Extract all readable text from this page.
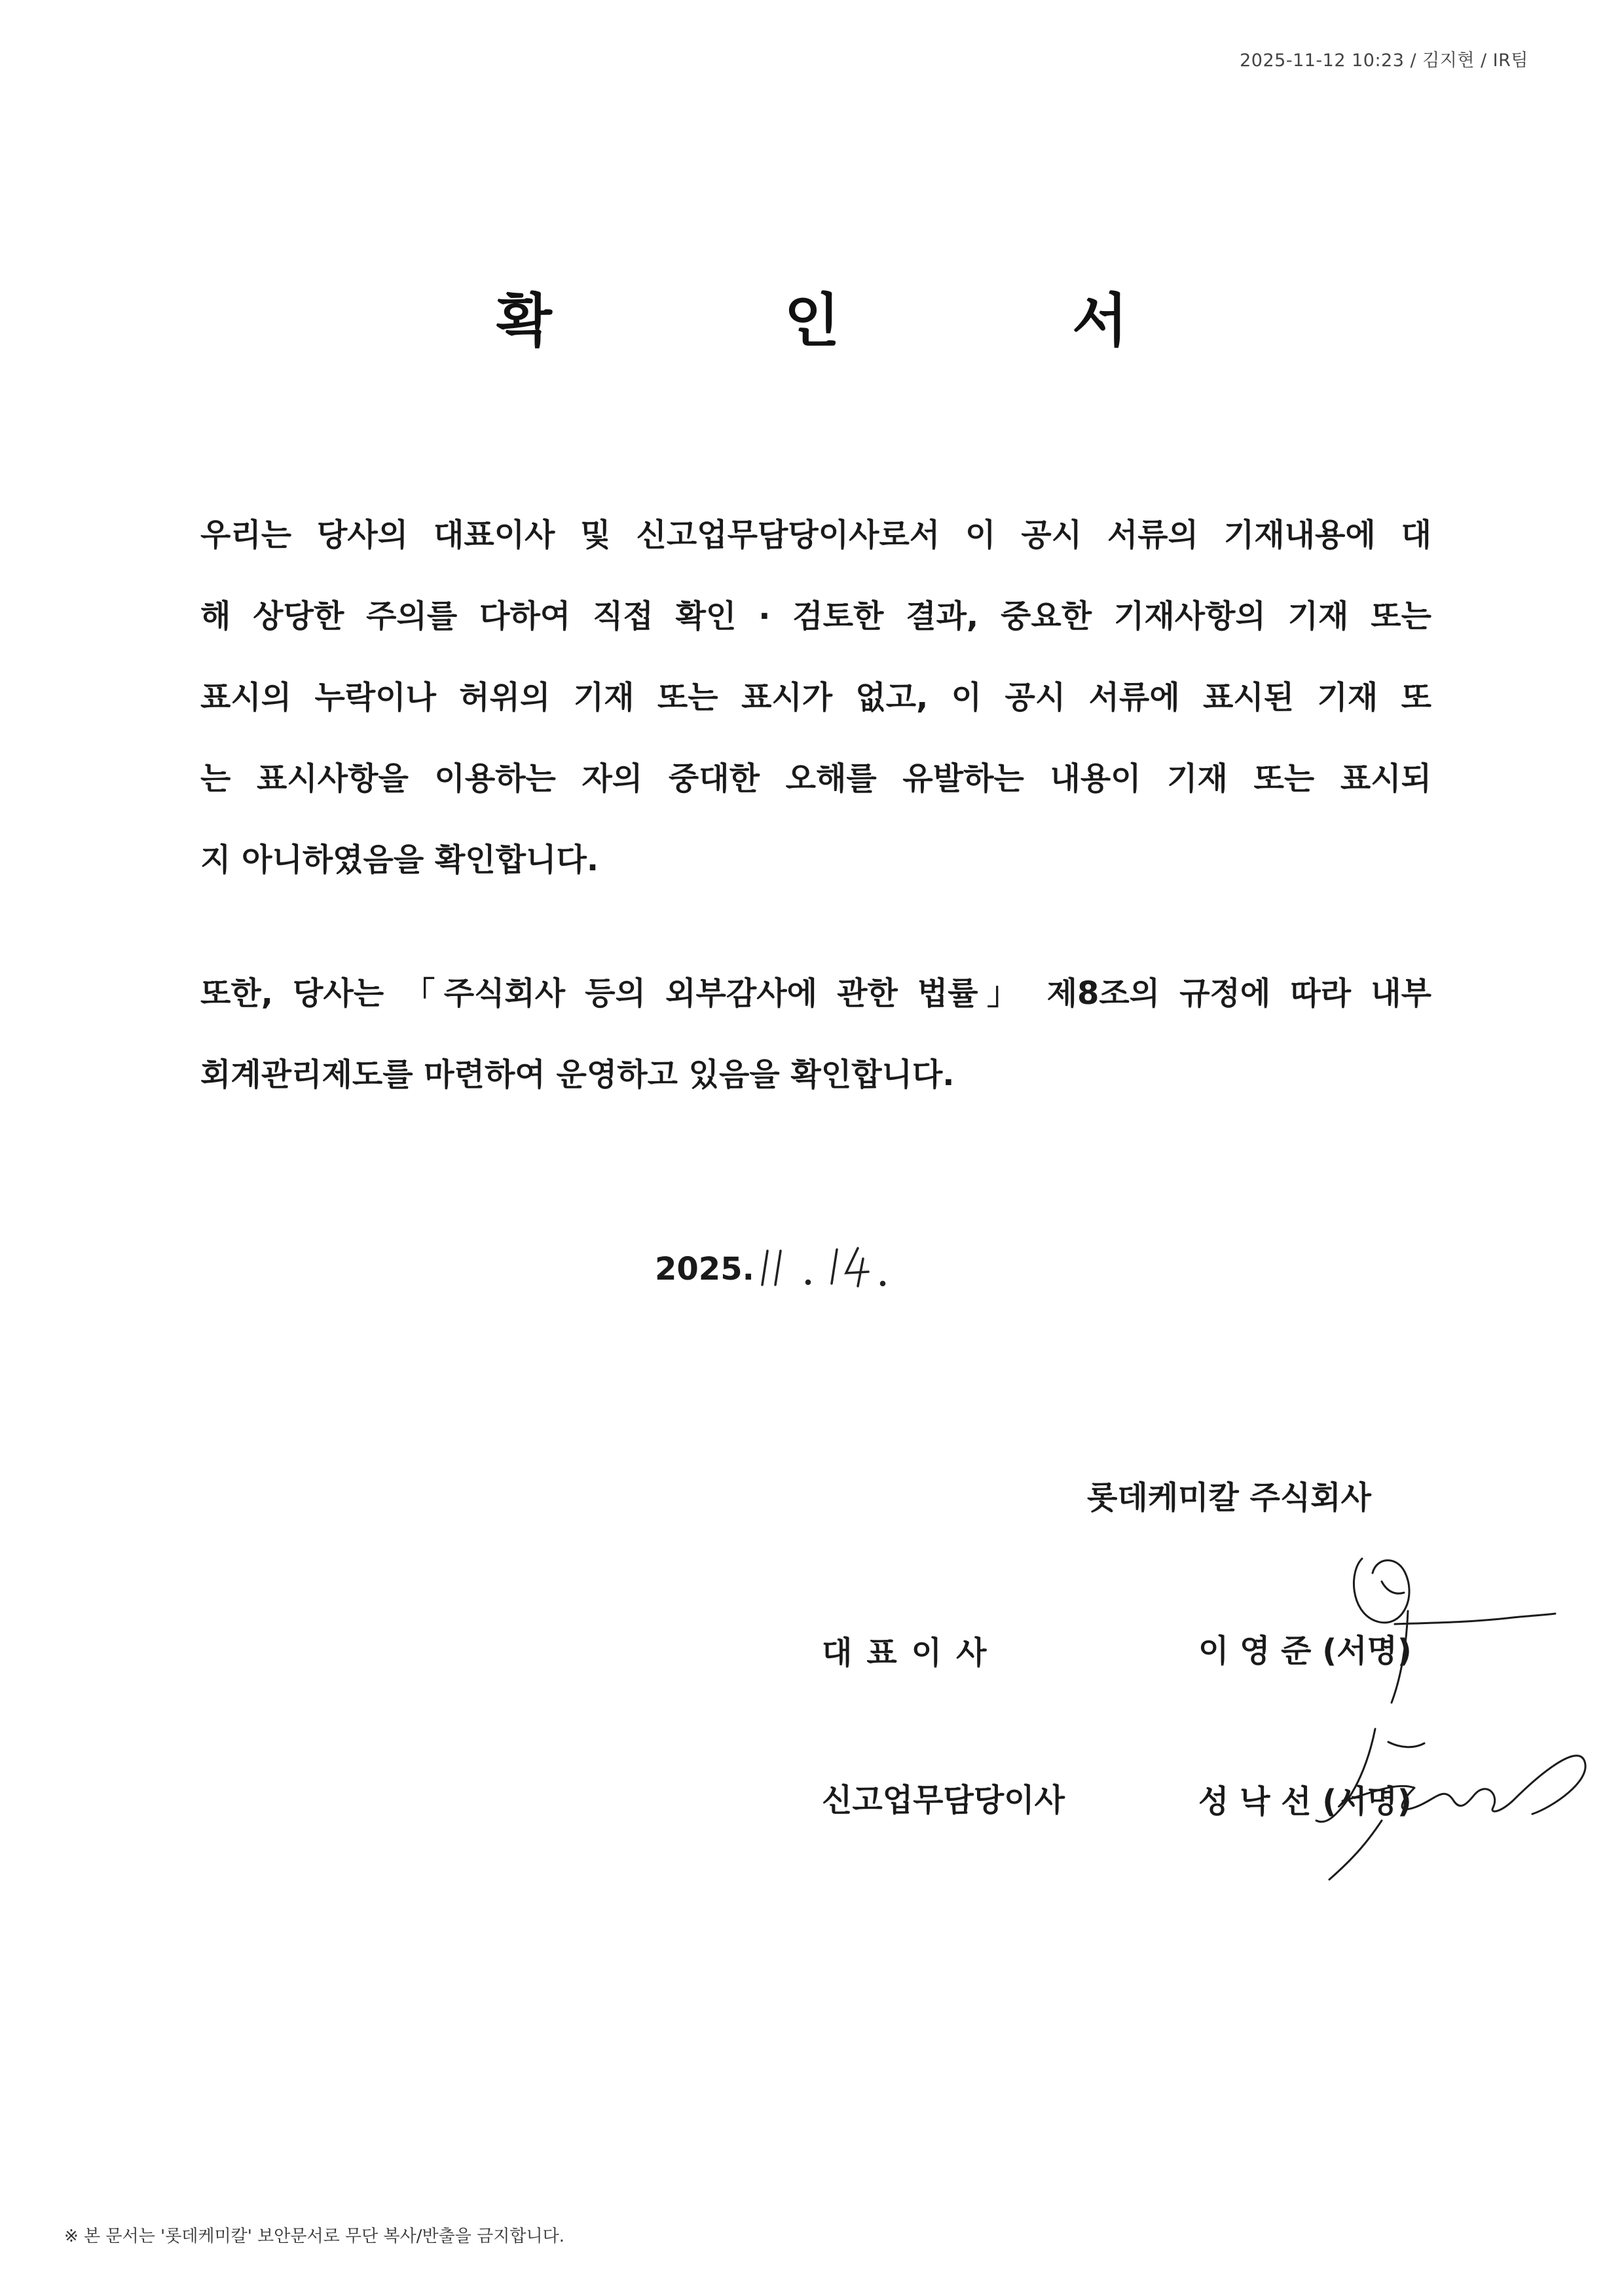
2025-11-12 10:23 / 김지현 / IR팀
확	인	서
우리는 당사의 대표이사 및 신고업무담당이사로서 이 공시 서류의 기재내용에 대
해 상당한 주의를 다하여 직접 확인 · 검토한 결과, 중요한 기재사항의 기재 또는
표시의 누락이나 허위의 기재 또는 표시가 없고, 이 공시 서류에 표시된 기재 또
는 표시사항을 이용하는 자의 중대한 오해를 유발하는 내용이 기재 또는 표시되
지 아니하였음을 확인합니다.
또한, 당사는 「주식회사 등의 외부감사에 관한 법률」 제8조의 규정에 따라 내부
회계관리제도를 마련하여 운영하고 있음을 확인합니다.
2025.
롯데케미칼 주식회사
대표이사	이 영 준 (서명)
신고업무담당이사	성 낙 선 (서명)
※ 본 문서는 '롯데케미칼' 보안문서로 무단 복사/반출을 금지합니다.
